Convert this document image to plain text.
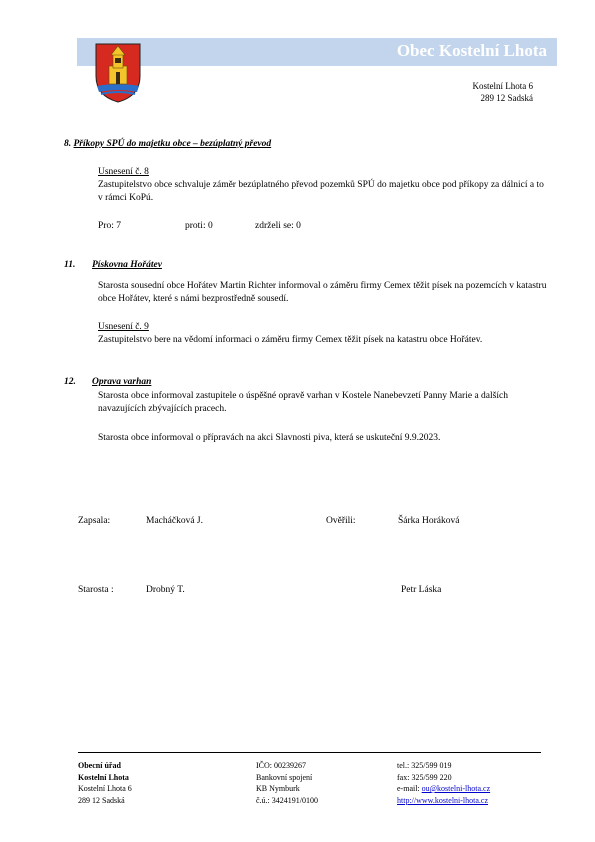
Obec Kostelní Lhota
Kostelní Lhota 6
289 12 Sadská
8. Příkopy SPÚ do majetku obce – bezúplatný převod
Usnesení č. 8
Zastupitelstvo obce schvaluje záměr bezúplatného převod pozemků SPÚ do majetku obce pod příkopy za dálnicí a to v rámci KoPú.
Pro: 7	proti: 0	zdrželi se: 0
11. Pískovna Hořátev
Starosta sousední obce Hořátev Martin Richter informoval o záměru firmy Cemex těžit písek na pozemcích v katastru obce Hořátev, které s námi bezprostředně sousedí.
Usnesení č. 9
Zastupitelstvo bere na vědomí informaci o záměru firmy Cemex těžit písek na katastru obce Hořátev.
12. Oprava varhan
Starosta obce informoval zastupitele o úspěšné opravě varhan v Kostele Nanebevzetí Panny Marie a dalších navazujících zbývajících pracech.
Starosta obce informoval o přípravách na akci Slavnosti piva, která se uskuteční 9.9.2023.
Zapsala:	Macháčková J.	Ověřili:	Šárka Horáková
Starosta :	Drobný T.	Petr Láska
Obecní úřad
Kostelní Lhota
Kostelní Lhota 6
289 12 Sadská
IČO: 00239267
Bankovní spojení
KB Nymburk
č.ú.: 3424191/0100
tel.: 325/599 019
fax: 325/599 220
e-mail: ou@kostelni-lhota.cz
http://www.kostelni-lhota.cz
